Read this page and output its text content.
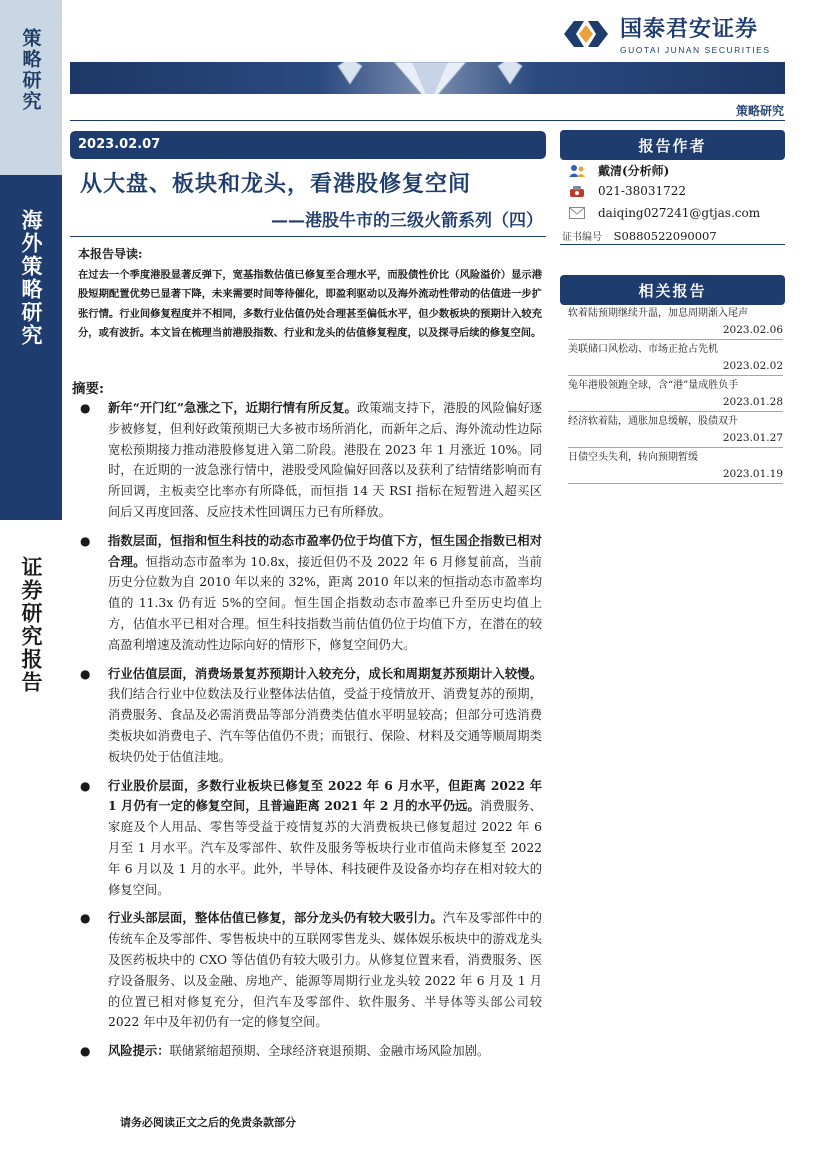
策略研究
海外策略研究
证券研究报告
国泰君安证券
GUOTAI JUNAN SECURITIES
策略研究
2023.02.07
从大盘、板块和龙头，看港股修复空间
——港股牛市的三级火箭系列（四）
本报告导读:
在过去一个季度港股显著反弹下，宽基指数估值已修复至合理水平，而股债性价比（风险溢价）显示港股短期配置优势已显著下降，未来需要时间等待催化，即盈利驱动以及海外流动性带动的估值进一步扩张行情。行业间修复程度并不相同，多数行业估值仍处合理甚至偏低水平，但少数板块的预期计入较充分，或有波折。本文旨在梳理当前港股指数、行业和龙头的估值修复程度，以及探寻后续的修复空间。
摘要:
● 新年“开门红”急涨之下，近期行情有所反复。政策端支持下，港股的风险偏好逐步被修复，但利好政策预期已大多被市场所消化，而新年之后、海外流动性边际宽松预期接力推动港股修复进入第二阶段。港股在 2023 年 1 月涨近 10%。同时，在近期的一波急涨行情中，港股受风险偏好回落以及获利了结情绪影响而有所回调，主板卖空比率亦有所降低，而恒指 14 天 RSI 指标在短暂进入超买区间后又再度回落、反应技术性回调压力已有所释放。
● 指数层面，恒指和恒生科技的动态市盈率仍位于均值下方，恒生国企指数已相对合理。恒指动态市盈率为 10.8x，接近但仍不及 2022 年 6 月修复前高，当前历史分位数为自 2010 年以来的 32%，距离 2010 年以来的恒指动态市盈率均值的 11.3x 仍有近 5%的空间。恒生国企指数动态市盈率已升至历史均值上方，估值水平已相对合理。恒生科技指数当前估值仍位于均值下方，在潜在的较高盈利增速及流动性边际向好的情形下，修复空间仍大。
● 行业估值层面，消费场景复苏预期计入较充分，成长和周期复苏预期计入较慢。我们结合行业中位数法及行业整体法估值，受益于疫情放开、消费复苏的预期，消费服务、食品及必需消费品等部分消费类估值水平明显较高；但部分可选消费类板块如消费电子、汽车等估值仍不贵；而银行、保险、材料及交通等顺周期类板块仍处于估值洼地。
● 行业股价层面，多数行业板块已修复至 2022 年 6 月水平，但距离 2022 年 1 月仍有一定的修复空间，且普遍距离 2021 年 2 月的水平仍远。消费服务、家庭及个人用品、零售等受益于疫情复苏的大消费板块已修复超过 2022 年 6 月至 1 月水平。汽车及零部件、软件及服务等板块行业市值尚未修复至 2022 年 6 月以及 1 月的水平。此外，半导体、科技硬件及设备亦均存在相对较大的修复空间。
● 行业头部层面，整体估值已修复，部分龙头仍有较大吸引力。汽车及零部件中的传统车企及零部件、零售板块中的互联网零售龙头、媒体娱乐板块中的游戏龙头及医药板块中的 CXO 等估值仍有较大吸引力。从修复位置来看，消费服务、医疗设备服务、以及金融、房地产、能源等周期行业龙头较 2022 年 6 月及 1 月的位置已相对修复充分，但汽车及零部件、软件服务、半导体等头部公司较 2022 年中及年初仍有一定的修复空间。
● 风险提示：联储紧缩超预期、全球经济衰退预期、金融市场风险加剧。
报告作者
戴清(分析师)
021-38031722
daiqing027241@gtjas.com
证书编号 S0880522090007
相关报告
软着陆预期继续升温，加息周期渐入尾声
2023.02.06
美联储口风松动、市场正抢占先机
2023.02.02
兔年港股领跑全球，含“港”量成胜负手
2023.01.28
经济软着陆，通胀加息缓解，股债双升
2023.01.27
日债空头失利，转向预期暂缓
2023.01.19
请务必阅读正文之后的免责条款部分
